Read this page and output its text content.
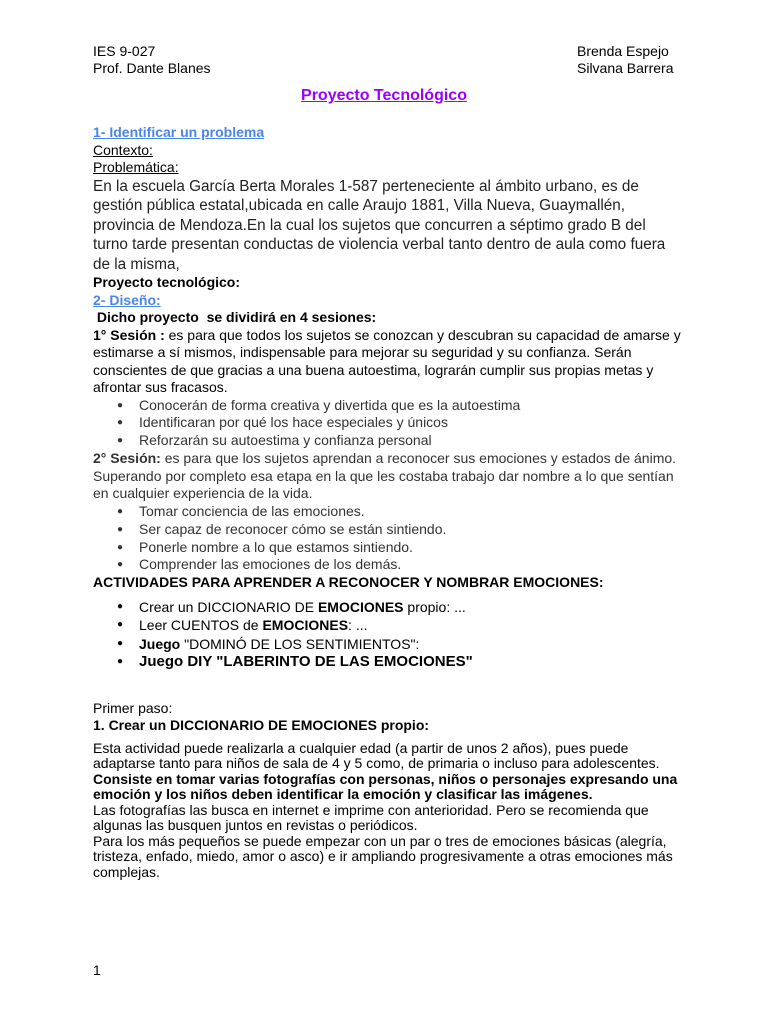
IES 9-027
Prof. Dante Blanes
Brenda Espejo
Silvana Barrera
Proyecto Tecnológico

1- Identificar un problema

Contexto:

Problemática:

En la escuela García Berta Morales 1-587 perteneciente al ámbito urbano, es de gestión pública estatal,ubicada en calle Araujo 1881, Villa Nueva, Guaymallén, provincia de Mendoza.En la cual los sujetos que concurren a séptimo grado B del turno tarde presentan conductas de violencia verbal tanto dentro de aula como fuera de la misma,

Proyecto tecnológico:

2- Diseño:

Dicho proyecto  se dividirá en 4 sesiones:

1° Sesión : es para que todos los sujetos se conozcan y descubran su capacidad de amarse y estimarse a sí mismos, indispensable para mejorar su seguridad y su confianza. Serán conscientes de que gracias a una buena autoestima, lograrán cumplir sus propias metas y afrontar sus fracasos.

● Conocerán de forma creativa y divertida que es la autoestima
● Identificaran por qué los hace especiales y únicos
● Reforzarán su autoestima y confianza personal

2° Sesión: es para que los sujetos aprendan a reconocer sus emociones y estados de ánimo. Superando por completo esa etapa en la que les costaba trabajo dar nombre a lo que sentían en cualquier experiencia de la vida.

● Tomar conciencia de las emociones.
● Ser capaz de reconocer cómo se están sintiendo.
● Ponerle nombre a lo que estamos sintiendo.
● Comprender las emociones de los demás.

ACTIVIDADES PARA APRENDER A RECONOCER Y NOMBRAR EMOCIONES:

● Crear un DICCIONARIO DE EMOCIONES propio: ...
● Leer CUENTOS de EMOCIONES: ...
● Juego "DOMINÓ DE LOS SENTIMIENTOS":
● Juego DIY "LABERINTO DE LAS EMOCIONES"

Primer paso:

1. Crear un DICCIONARIO DE EMOCIONES propio:

Esta actividad puede realizarla a cualquier edad (a partir de unos 2 años), pues puede adaptarse tanto para niños de sala de 4 y 5 como, de primaria o incluso para adolescentes.

Consiste en tomar varias fotografías con personas, niños o personajes expresando una emoción y los niños deben identificar la emoción y clasificar las imágenes.

Las fotografías las busca en internet e imprime con anterioridad. Pero se recomienda que algunas las busquen juntos en revistas o periódicos.

Para los más pequeños se puede empezar con un par o tres de emociones básicas (alegría, tristeza, enfado, miedo, amor o asco) e ir ampliando progresivamente a otras emociones más complejas.

1
